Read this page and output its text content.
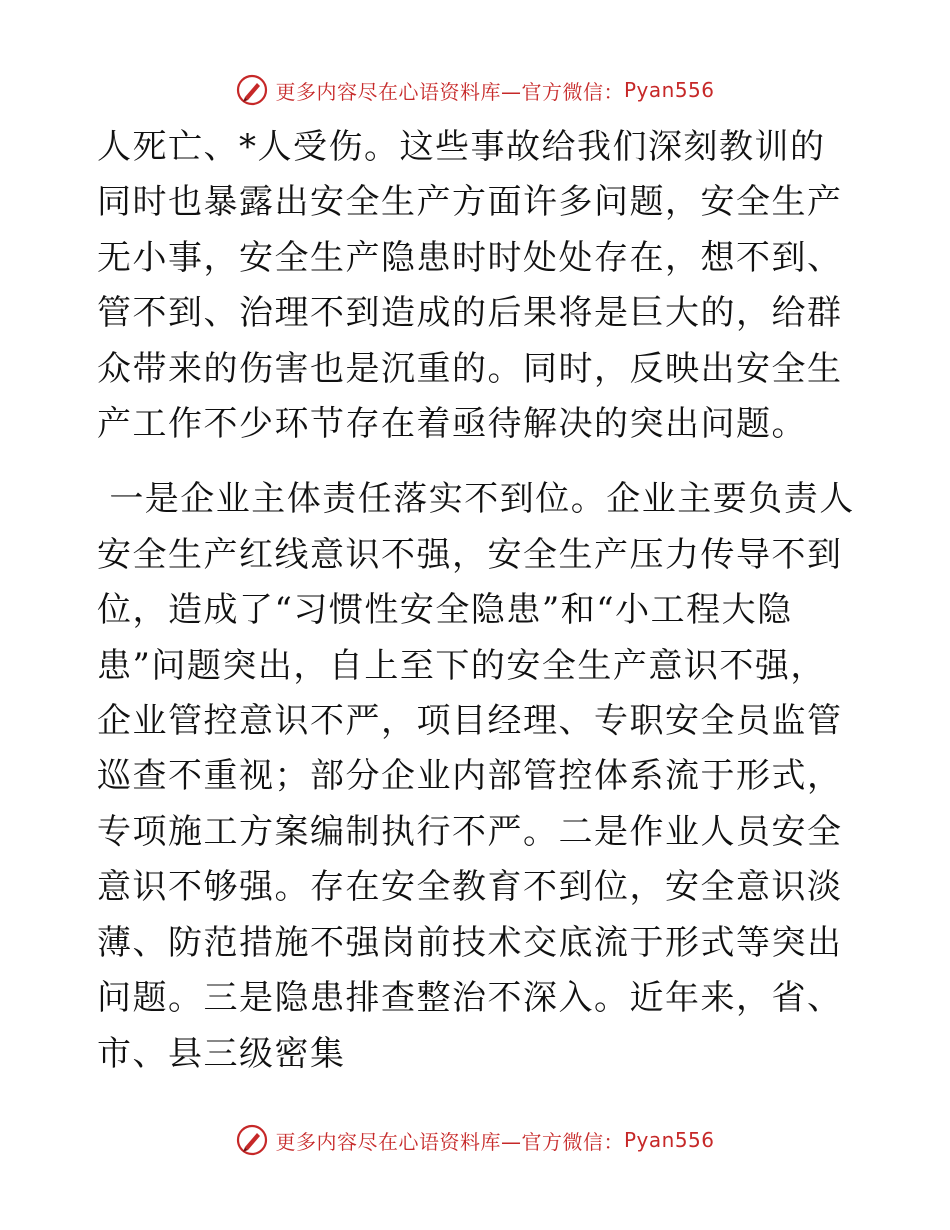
更多内容尽在心语资料库—官方微信： Pyan556

人死亡、*人受伤。这些事故给我们深刻教训的同时也暴露出安全生产方面许多问题，安全生产无小事，安全生产隐患时时处处存在，想不到、管不到、治理不到造成的后果将是巨大的，给群众带来的伤害也是沉重的。同时，反映出安全生产工作不少环节存在着亟待解决的突出问题。

一是企业主体责任落实不到位。企业主要负责人安全生产红线意识不强，安全生产压力传导不到位，造成了“习惯性安全隐患”和“小工程大隐患”问题突出，自上至下的安全生产意识不强，企业管控意识不严，项目经理、专职安全员监管巡查不重视；部分企业内部管控体系流于形式，专项施工方案编制执行不严。二是作业人员安全意识不够强。存在安全教育不到位，安全意识淡薄、防范措施不强岗前技术交底流于形式等突出问题。三是隐患排查整治不深入。近年来，省、市、县三级密集

更多内容尽在心语资料库—官方微信： Pyan556
